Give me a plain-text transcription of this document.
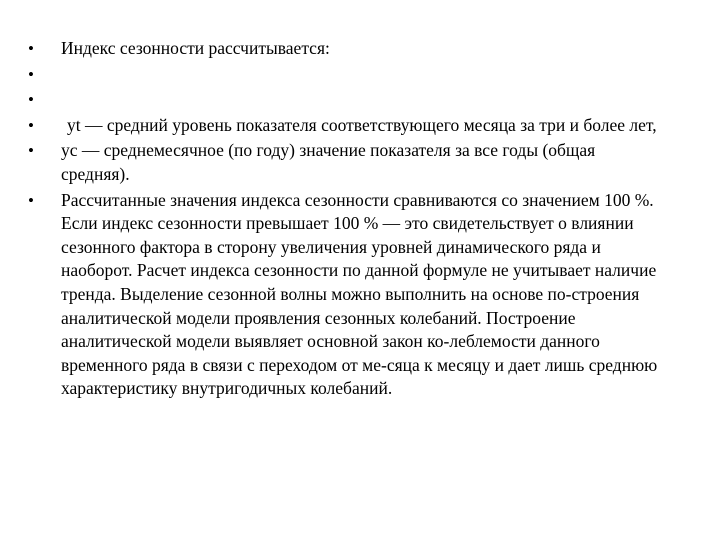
• Индекс сезонности рассчитывается:
•
•
•	yt — средний уровень показателя соответствующего месяца за три и более лет,
• yc — среднемесячное (по году) значение показателя за все годы (общая средняя).
• Рассчитанные значения индекса сезонности сравниваются со значением 100 %. Если индекс сезонности превышает 100 % — это свидетельствует о влиянии сезонного фактора в сторону увеличения уровней динамического ряда и наоборот. Расчет индекса сезонности по данной формуле не учитывает наличие тренда. Выделение сезонной волны можно выполнить на основе по-строения аналитической модели проявления сезонных колебаний. Построение аналитической модели выявляет основной закон ко-леблемости данного временного ряда в связи с переходом от ме-сяца к месяцу и дает лишь среднюю характеристику внутригодичных колебаний.
